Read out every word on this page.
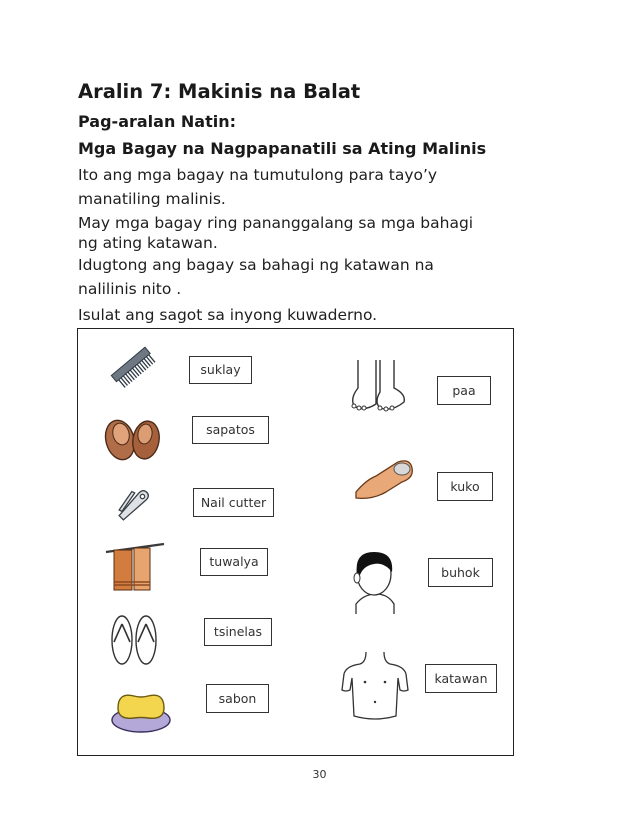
Aralin 7: Makinis na Balat
Pag-aralan Natin:
Mga Bagay na Nagpapanatili sa Ating Malinis
Ito ang mga bagay na tumutulong para tayo’y
manatiling malinis.
May mga bagay ring pananggalang sa mga bahagi
ng ating katawan.
Idugtong ang bagay sa bahagi ng katawan na
nalilinis nito .
Isulat ang sagot sa inyong kuwaderno.
suklay
sapatos
Nail cutter
tuwalya
tsinelas
sabon
paa
kuko
buhok
katawan
30
